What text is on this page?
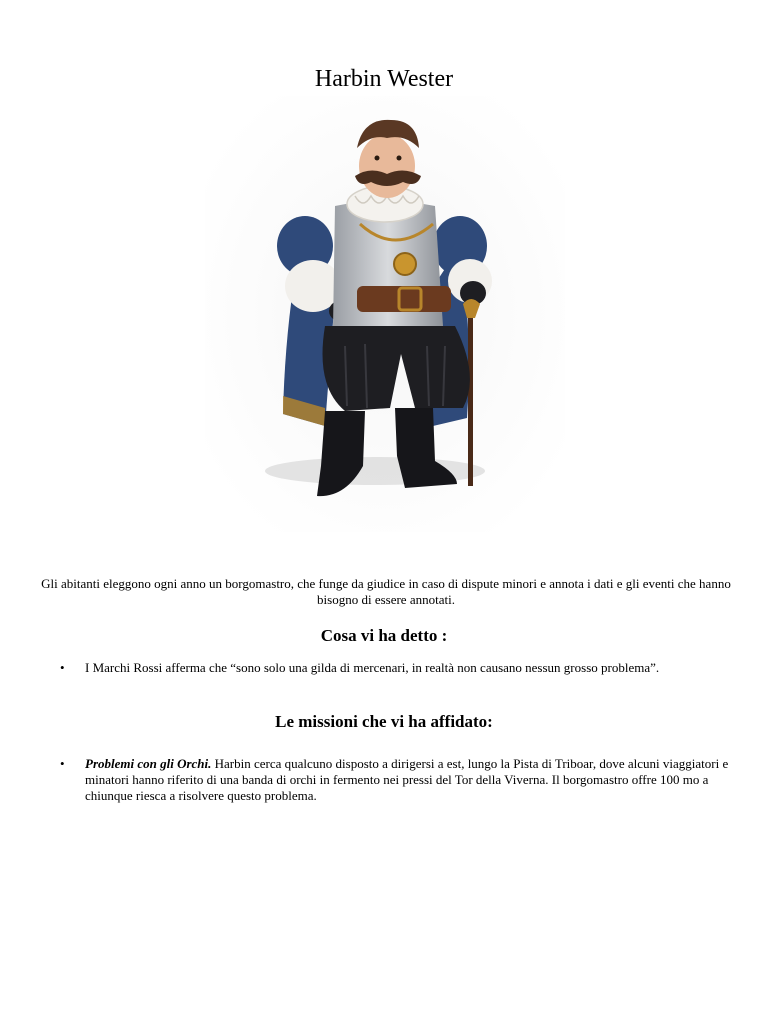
Harbin Wester
Gli abitanti eleggono ogni anno un borgomastro, che funge da giudice in caso di dispute minori e annota i dati e gli eventi che hanno bisogno di essere annotati.
Cosa vi ha detto :
• I Marchi Rossi afferma che “sono solo una gilda di mercenari, in realtà non causano nessun grosso problema”.
Le missioni che vi ha affidato:
• Problemi con gli Orchi. Harbin cerca qualcuno disposto a dirigersi a est, lungo la Pista di Triboar, dove alcuni viaggiatori e minatori hanno riferito di una banda di orchi in fermento nei pressi del Tor della Viverna. Il borgomastro offre 100 mo a chiunque riesca a risolvere questo problema.
